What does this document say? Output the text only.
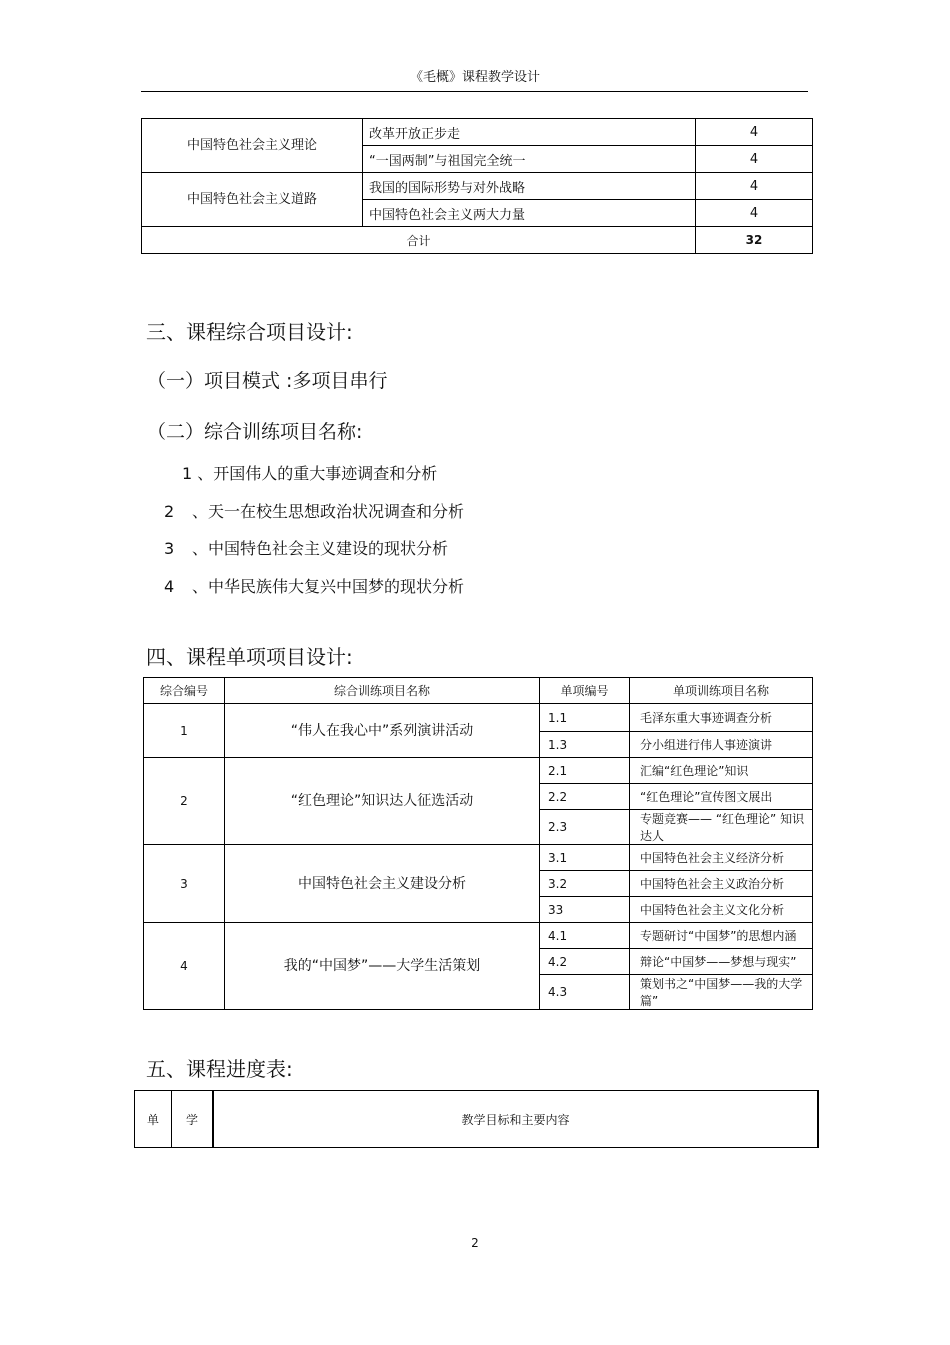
《毛概》课程教学设计
中国特色社会主义理论	改革开放正步走	4
	“一国两制”与祖国完全统一	4
中国特色社会主义道路	我国的国际形势与对外战略	4
	中国特色社会主义两大力量	4
合计		32
三、课程综合项目设计:
（一）项目模式 :多项目串行
（二）综合训练项目名称:
1 、开国伟人的重大事迹调查和分析
2 、天一在校生思想政治状况调查和分析
3 、中国特色社会主义建设的现状分析
4 、中华民族伟大复兴中国梦的现状分析
四、课程单项项目设计:
综合编号	综合训练项目名称	单项编号	单项训练项目名称
1	“伟人在我心中”系列演讲活动	1.1	毛泽东重大事迹调查分析
		1.3	分小组进行伟人事迹演讲
2	“红色理论”知识达人征选活动	2.1	汇编“红色理论”知识
		2.2	“红色理论”宣传图文展出
		2.3	专题竞赛—— “红色理论” 知识达人
3	中国特色社会主义建设分析	3.1	中国特色社会主义经济分析
		3.2	中国特色社会主义政治分析
		33	中国特色社会主义文化分析
4	我的“中国梦”——大学生活策划	4.1	专题研讨“中国梦”的思想内涵
		4.2	辩论“中国梦——梦想与现实”
		4.3	策划书之“中国梦——我的大学篇”
五、课程进度表:
单	学	教学目标和主要内容
2
